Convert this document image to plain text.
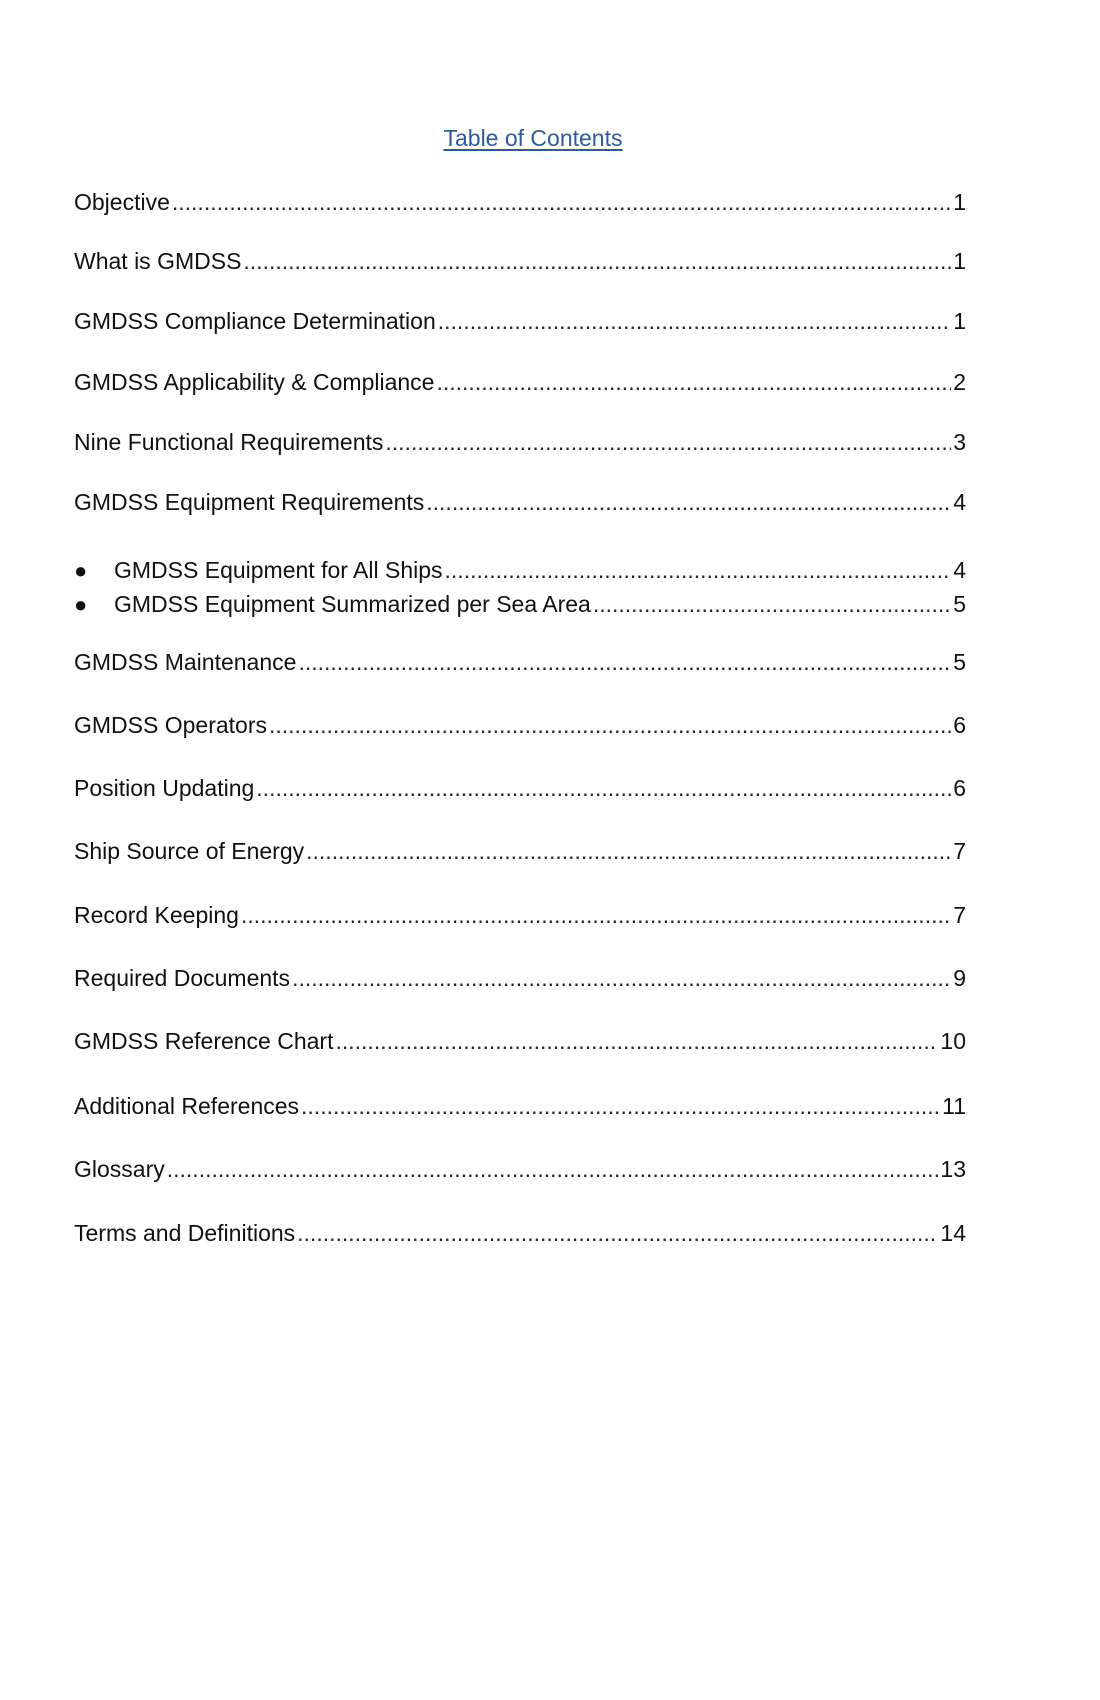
Table of Contents
Objective .....	1
What is GMDSS .....	1
GMDSS Compliance Determination .....	1
GMDSS Applicability & Compliance .....	2
Nine Functional Requirements .....	3
GMDSS Equipment Requirements .....	4
●	GMDSS Equipment for All Ships .....	4
●	GMDSS Equipment Summarized per Sea Area .....	5
GMDSS Maintenance .....	5
GMDSS Operators .....	6
Position Updating .....	6
Ship Source of Energy .....	7
Record Keeping .....	7
Required Documents .....	9
GMDSS Reference Chart .....	10
Additional References .....	11
Glossary .....	13
Terms and Definitions .....	14
